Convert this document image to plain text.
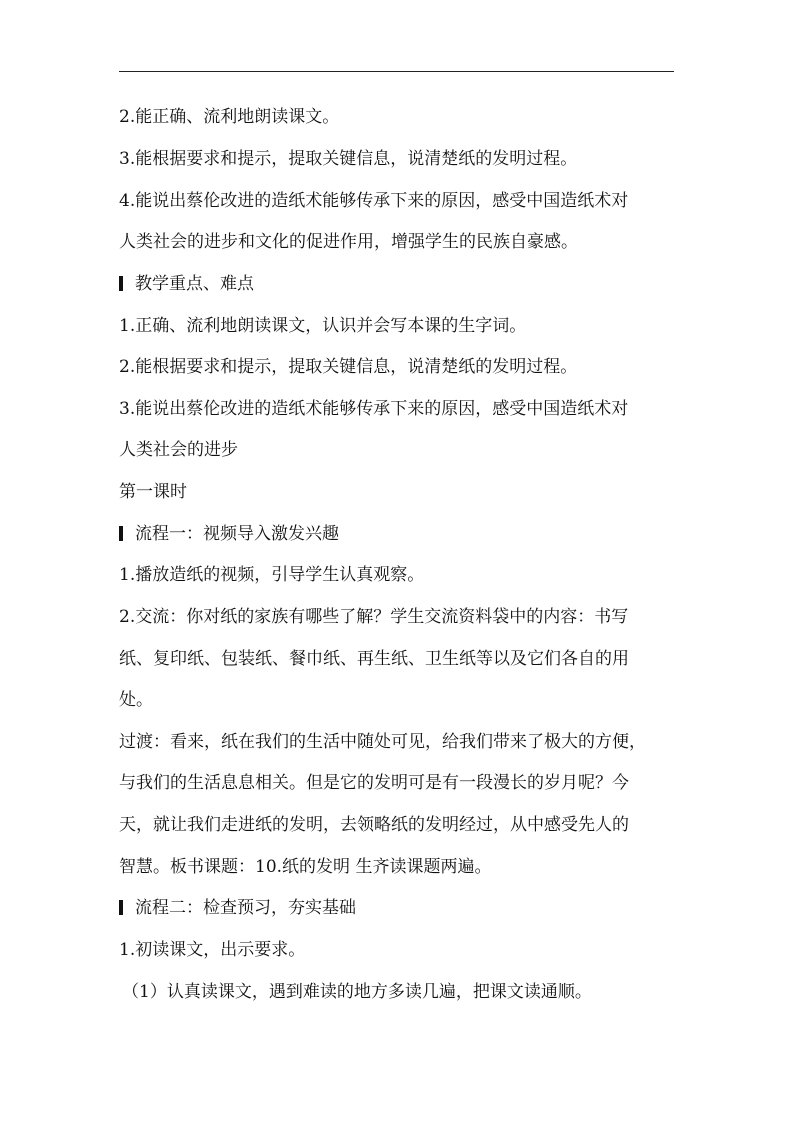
2.能正确、流利地朗读课文。
3.能根据要求和提示，提取关键信息，说清楚纸的发明过程。
4.能说出蔡伦改进的造纸术能够传承下来的原因，感受中国造纸术对
人类社会的进步和文化的促进作用，增强学生的民族自豪感。
教学重点、难点
1.正确、流利地朗读课文，认识并会写本课的生字词。
2.能根据要求和提示，提取关键信息，说清楚纸的发明过程。
3.能说出蔡伦改进的造纸术能够传承下来的原因，感受中国造纸术对
人类社会的进步
第一课时
流程一：视频导入激发兴趣
1.播放造纸的视频，引导学生认真观察。
2.交流：你对纸的家族有哪些了解？学生交流资料袋中的内容：书写
纸、复印纸、包装纸、餐巾纸、再生纸、卫生纸等以及它们各自的用
处。
过渡：看来，纸在我们的生活中随处可见，给我们带来了极大的方便，
与我们的生活息息相关。但是它的发明可是有一段漫长的岁月呢？今
天，就让我们走进纸的发明，去领略纸的发明经过，从中感受先人的
智慧。板书课题：10.纸的发明 生齐读课题两遍。
流程二：检查预习，夯实基础
1.初读课文，出示要求。
（1）认真读课文，遇到难读的地方多读几遍，把课文读通顺。
